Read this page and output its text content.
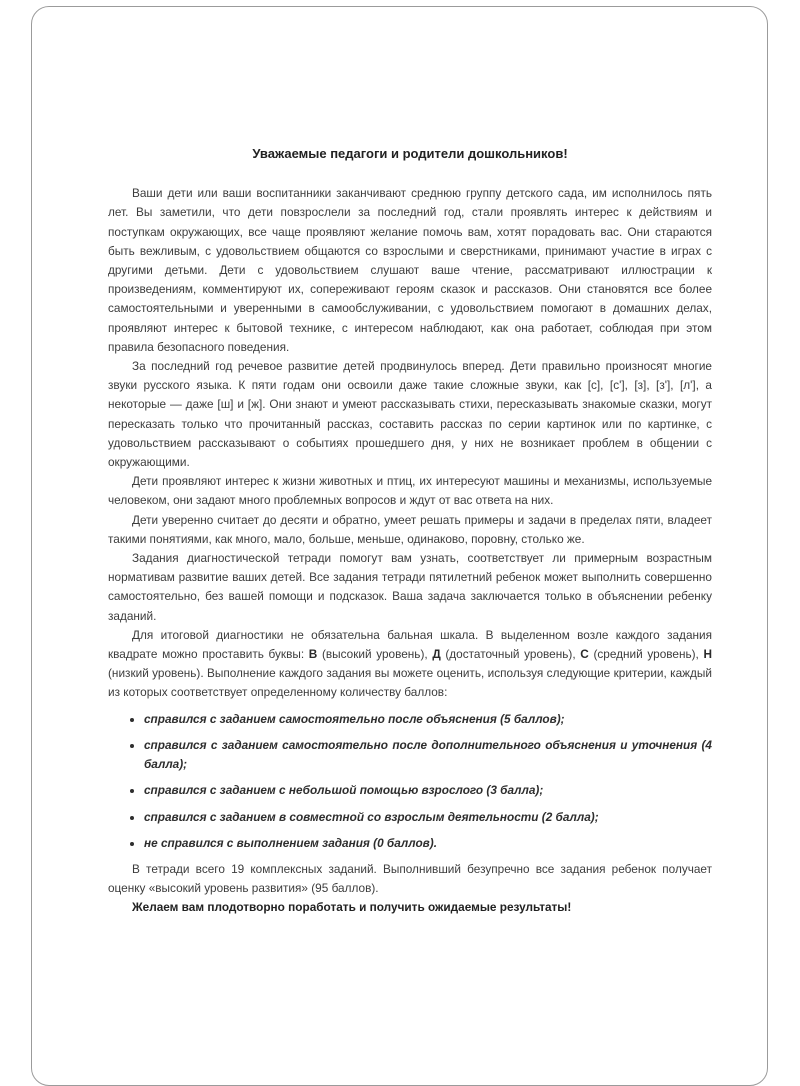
Уважаемые педагоги и родители дошкольников!

Ваши дети или ваши воспитанники заканчивают среднюю группу детского сада, им исполнилось пять лет. Вы заметили, что дети повзрослели за последний год, стали проявлять интерес к действиям и поступкам окружающих, все чаще проявляют желание помочь вам, хотят порадовать вас. Они стараются быть вежливым, с удовольствием общаются со взрослыми и сверстниками, принимают участие в играх с другими детьми. Дети с удовольствием слушают ваше чтение, рассматривают иллюстрации к произведениям, комментируют их, сопереживают героям сказок и рассказов. Они становятся все более самостоятельными и уверенными в самообслуживании, с удовольствием помогают в домашних делах, проявляют интерес к бытовой технике, с интересом наблюдают, как она работает, соблюдая при этом правила безопасного поведения.

За последний год речевое развитие детей продвинулось вперед. Дети правильно произносят многие звуки русского языка. К пяти годам они освоили даже такие сложные звуки, как [с], [с'], [з], [з'], [л'], а некоторые — даже [ш] и [ж]. Они знают и умеют рассказывать стихи, пересказывать знакомые сказки, могут пересказать только что прочитанный рассказ, составить рассказ по серии картинок или по картинке, с удовольствием рассказывают о событиях прошедшего дня, у них не возникает проблем в общении с окружающими.

Дети проявляют интерес к жизни животных и птиц, их интересуют машины и механизмы, используемые человеком, они задают много проблемных вопросов и ждут от вас ответа на них.

Дети уверенно считает до десяти и обратно, умеет решать примеры и задачи в пределах пяти, владеет такими понятиями, как много, мало, больше, меньше, одинаково, поровну, столько же.

Задания диагностической тетради помогут вам узнать, соответствует ли примерным возрастным нормативам развитие ваших детей. Все задания тетради пятилетний ребенок может выполнить совершенно самостоятельно, без вашей помощи и подсказок. Ваша задача заключается только в объяснении ребенку заданий.

Для итоговой диагностики не обязательна бальная шкала. В выделенном возле каждого задания квадрате можно проставить буквы: В (высокий уровень), Д (достаточный уровень), С (средний уровень), Н (низкий уровень). Выполнение каждого задания вы можете оценить, используя следующие критерии, каждый из которых соответствует определенному количеству баллов:

• справился с заданием самостоятельно после объяснения (5 баллов);
• справился с заданием самостоятельно после дополнительного объяснения и уточнения (4 балла);
• справился с заданием с небольшой помощью взрослого (3 балла);
• справился с заданием в совместной со взрослым деятельности (2 балла);
• не справился с выполнением задания (0 баллов).

В тетради всего 19 комплексных заданий. Выполнивший безупречно все задания ребенок получает оценку «высокий уровень развития» (95 баллов).

Желаем вам плодотворно поработать и получить ожидаемые результаты!
